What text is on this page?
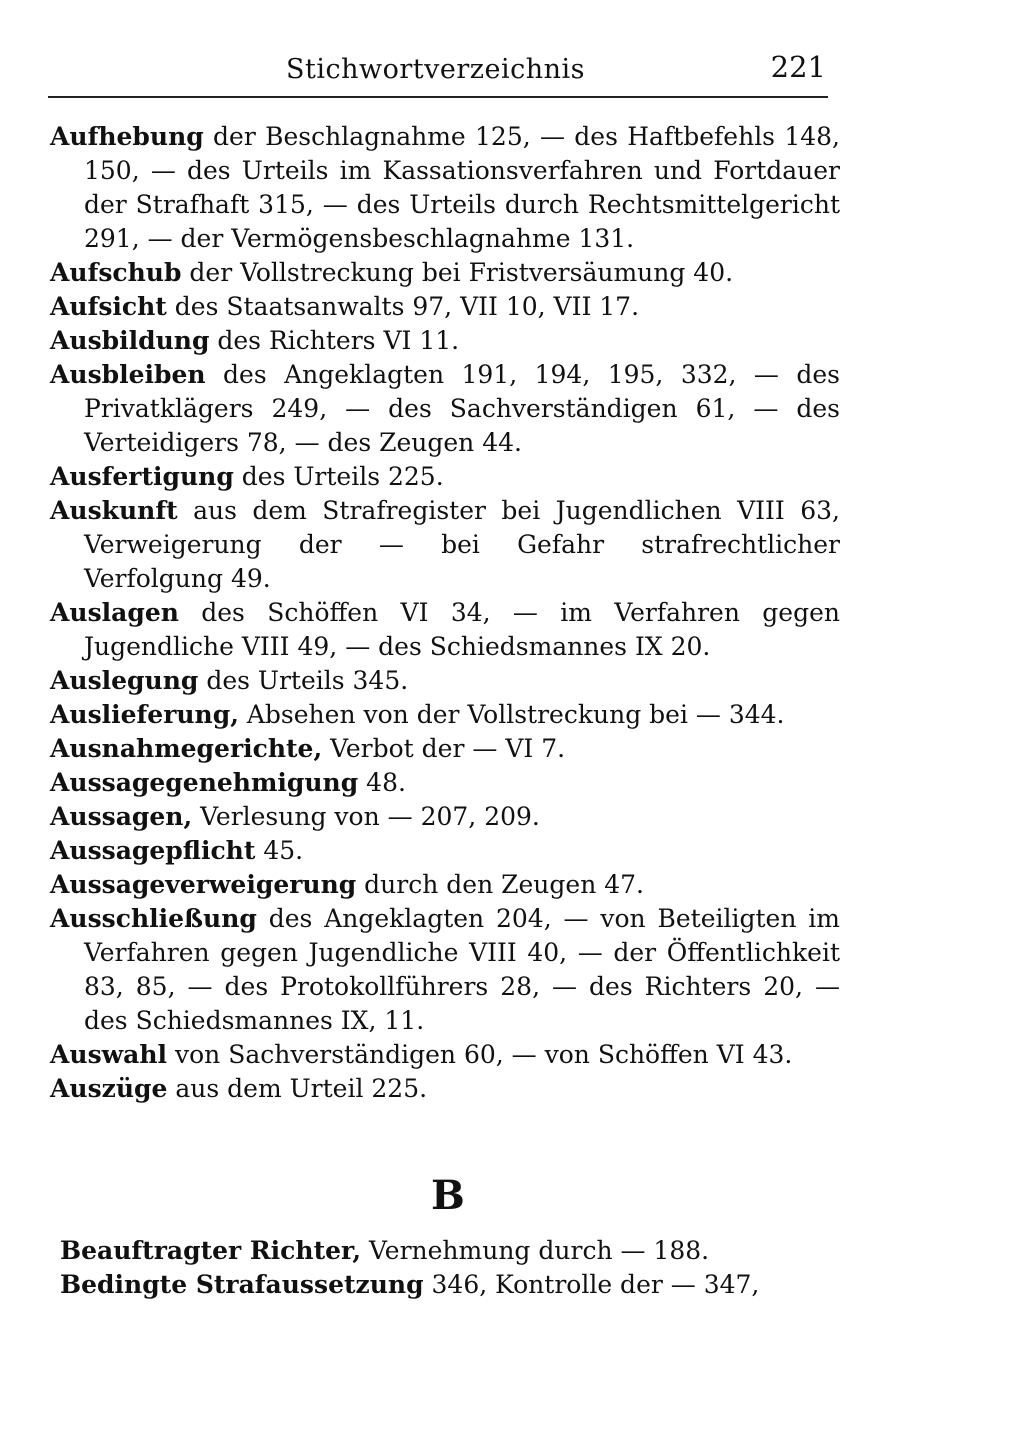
Stichwortverzeichnis	221

Aufhebung der Beschlagnahme 125, — des Haftbefehls 148, 150, — des Urteils im Kassationsverfahren und Fortdauer der Strafhaft 315, — des Urteils durch Rechtsmittelgericht 291, — der Vermögensbeschlagnahme 131.

Aufschub der Vollstreckung bei Fristversäumung 40.

Aufsicht des Staatsanwalts 97, VII 10, VII 17.

Ausbildung des Richters VI 11.

Ausbleiben des Angeklagten 191, 194, 195, 332, — des Privatklägers 249, — des Sachverständigen 61, — des Verteidigers 78, — des Zeugen 44.

Ausfertigung des Urteils 225.

Auskunft aus dem Strafregister bei Jugendlichen VIII 63, Verweigerung der — bei Gefahr strafrechtlicher Verfolgung 49.

Auslagen des Schöffen VI 34, — im Verfahren gegen Jugendliche VIII 49, — des Schiedsmannes IX 20.

Auslegung des Urteils 345.

Auslieferung, Absehen von der Vollstreckung bei — 344.

Ausnahmegerichte, Verbot der — VI 7.

Aussagegenehmigung 48.

Aussagen, Verlesung von — 207, 209.

Aussagepflicht 45.

Aussageverweigerung durch den Zeugen 47.

Ausschließung des Angeklagten 204, — von Beteiligten im Verfahren gegen Jugendliche VIII 40, — der Öffentlichkeit 83, 85, — des Protokollführers 28, — des Richters 20, — des Schiedsmannes IX, 11.

Auswahl von Sachverständigen 60, — von Schöffen VI 43.

Auszüge aus dem Urteil 225.

B

Beauftragter Richter, Vernehmung durch — 188.

Bedingte Strafaussetzung 346, Kontrolle der — 347,
